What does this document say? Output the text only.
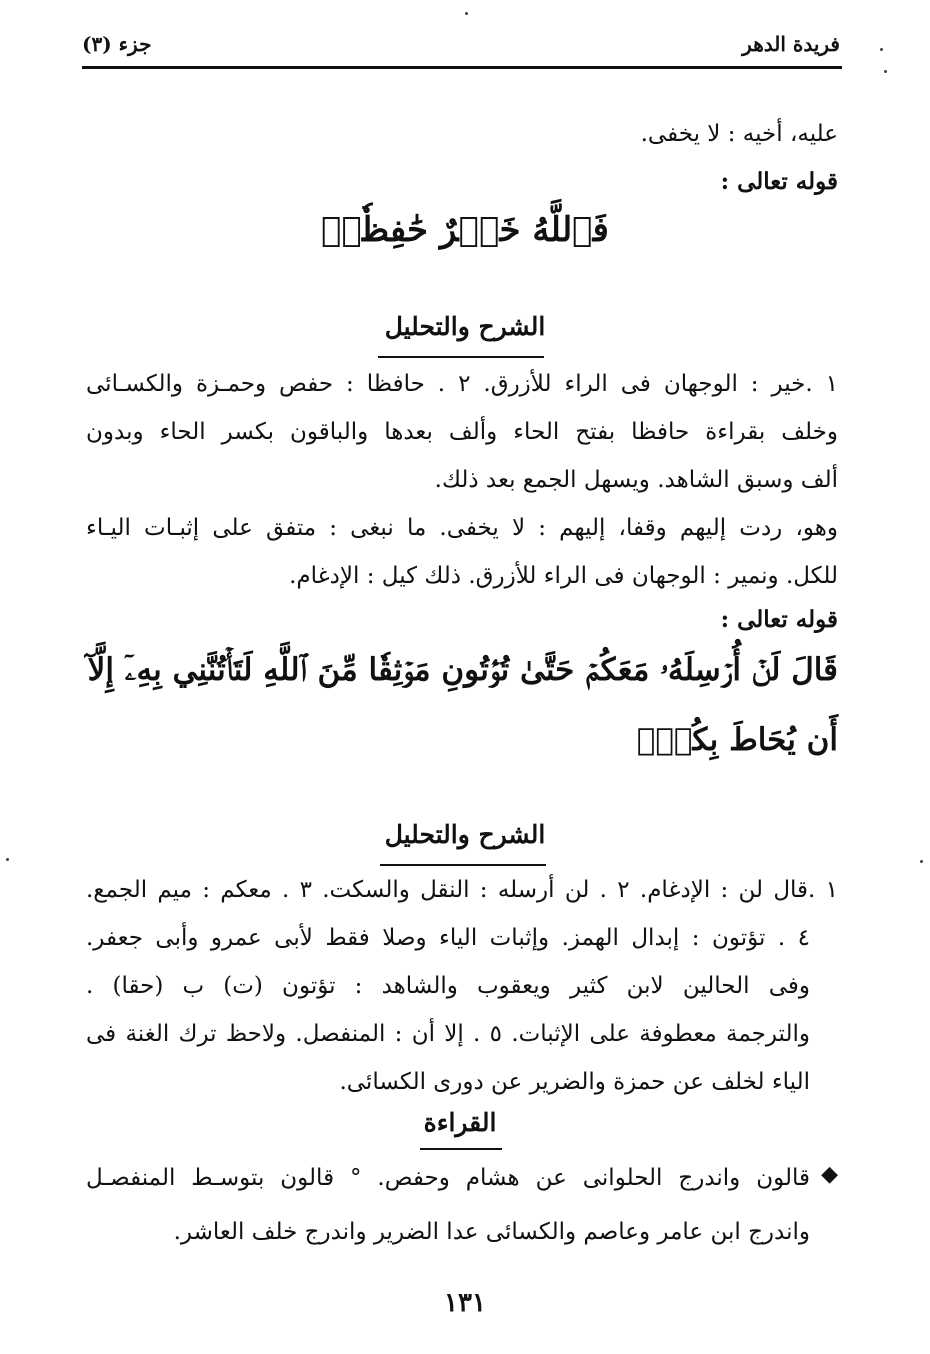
فريدة الدهر
جزء (٣)
عليه، أخيه : لا يخفى.
قوله تعالى :
فَٱللَّهُ خَيۡرٌ حَٰفِظٗاۖ
الشرح والتحليل
١ .خير : الوجهان فى الراء للأزرق. ٢ . حافظا : حفص وحمـزة والكسـائى
وخلف بقراءة حافظا بفتح الحاء وألف بعدها والباقون بكسر الحاء وبدون
ألف وسبق الشاهد. ويسهل الجمع بعد ذلك.
وهو، ردت إليهم وقفا، إليهم : لا يخفى. ما نبغى : متفق على إثبـات اليـاء
للكل. ونمير : الوجهان فى الراء للأزرق. ذلك كيل : الإدغام.
قوله تعالى :
قَالَ لَنۡ أُرۡسِلَهُۥ مَعَكُمۡ حَتَّىٰ تُؤۡتُونِ مَوۡثِقٗا مِّنَ ٱللَّهِ لَتَأۡتُنَّنِي بِهِۦٓ إِلَّآ
أَن يُحَاطَ بِكُمۡۖ
الشرح والتحليل
١ .قال لن : الإدغام. ٢ . لن أرسله : النقل والسكت. ٣ . معكم : ميم الجمع.
٤ . تؤتون : إبدال الهمز. وإثبات الياء وصلا فقط لأبى عمرو وأبى جعفر.
وفى الحالين لابن كثير ويعقوب والشاهد : تؤتون (ت) ب (حقا) .
والترجمة معطوفة على الإثبات. ٥ . إلا أن : المنفصل. ولاحظ ترك الغنة فى
الياء لخلف عن حمزة والضرير عن دورى الكسائى.
القراءة
◆
قالون واندرج الحلوانى عن هشام وحفص. ° قالون بتوسـط المنفصـل
واندرج ابن عامر وعاصم والكسائى عدا الضرير واندرج خلف العاشر.
١٣١
